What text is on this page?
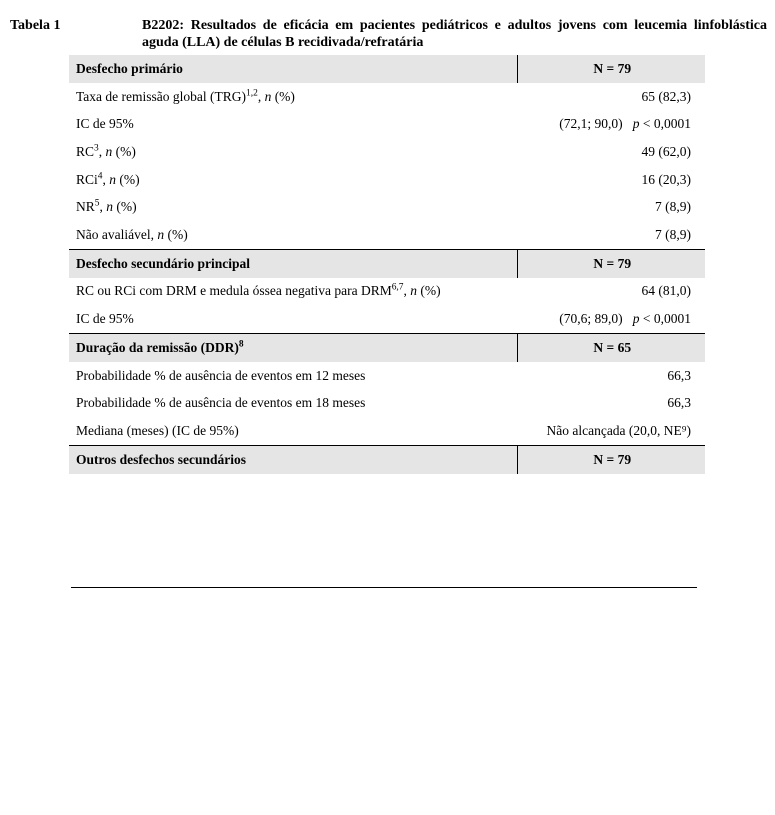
Tabela 1	B2202: Resultados de eficácia em pacientes pediátricos e adultos jovens com leucemia linfoblástica aguda (LLA) de células B recidivada/refratária
Desfecho primário	N = 79
Taxa de remissão global (TRG)$^{1,2}$, n (%)	65 (82,3)
IC de 95%	(72,1; 90,0)   p < 0,0001
$RC^3$, n (%)	49 (62,0)
RCi$^4$, n (%)	16 (20,3)
$NR^5$, n (%)	7 (8,9)
Não avaliável, n (%)	7 (8,9)
Desfecho secundário principal	N = 79
RC ou RCi com DRM e medula óssea negativa para DRM$^{6,7}$, n (%)	64 (81,0)
IC de 95%	(70,6; 89,0)   p < 0,0001
Duração da remissão (DDR)$^8$	N = 65
Probabilidade % de ausência de eventos em 12 meses	66,3
Probabilidade % de ausência de eventos em 18 meses	66,3
Mediana (meses) (IC de 95%)	Não alcançada (20,0, NE⁹)
Outros desfechos secundários	N = 79
